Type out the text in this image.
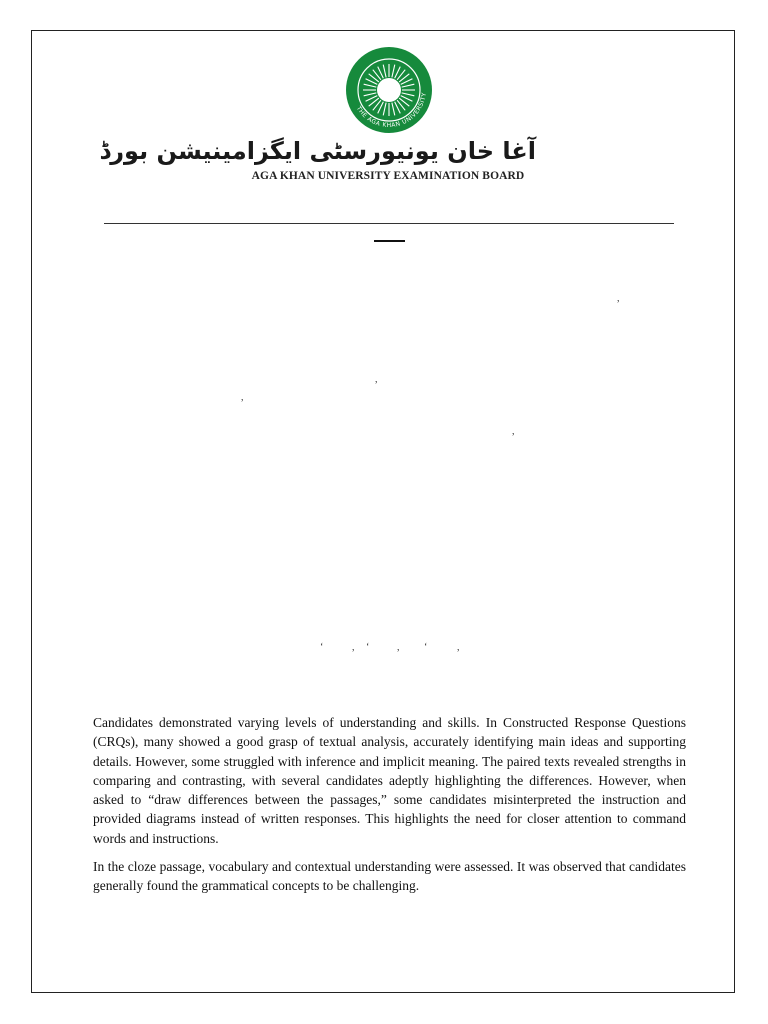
THE AGA KHAN UNIVERSITY
آغا خان یونیورسٹی ایگزامینیشن بورڈ
AGA KHAN UNIVERSITY EXAMINATION BOARD
,
,
,
,
‘	, ‘	, ‘	,

Candidates demonstrated varying levels of understanding and skills. In Constructed Response Questions (CRQs), many showed a good grasp of textual analysis, accurately identifying main ideas and supporting details. However, some struggled with inference and implicit meaning. The paired texts revealed strengths in comparing and contrasting, with several candidates adeptly highlighting the differences. However, when asked to “draw differences between the passages,” some candidates misinterpreted the instruction and provided diagrams instead of written responses. This highlights the need for closer attention to command words and instructions.

In the cloze passage, vocabulary and contextual understanding were assessed. It was observed that candidates generally found the grammatical concepts to be challenging.
